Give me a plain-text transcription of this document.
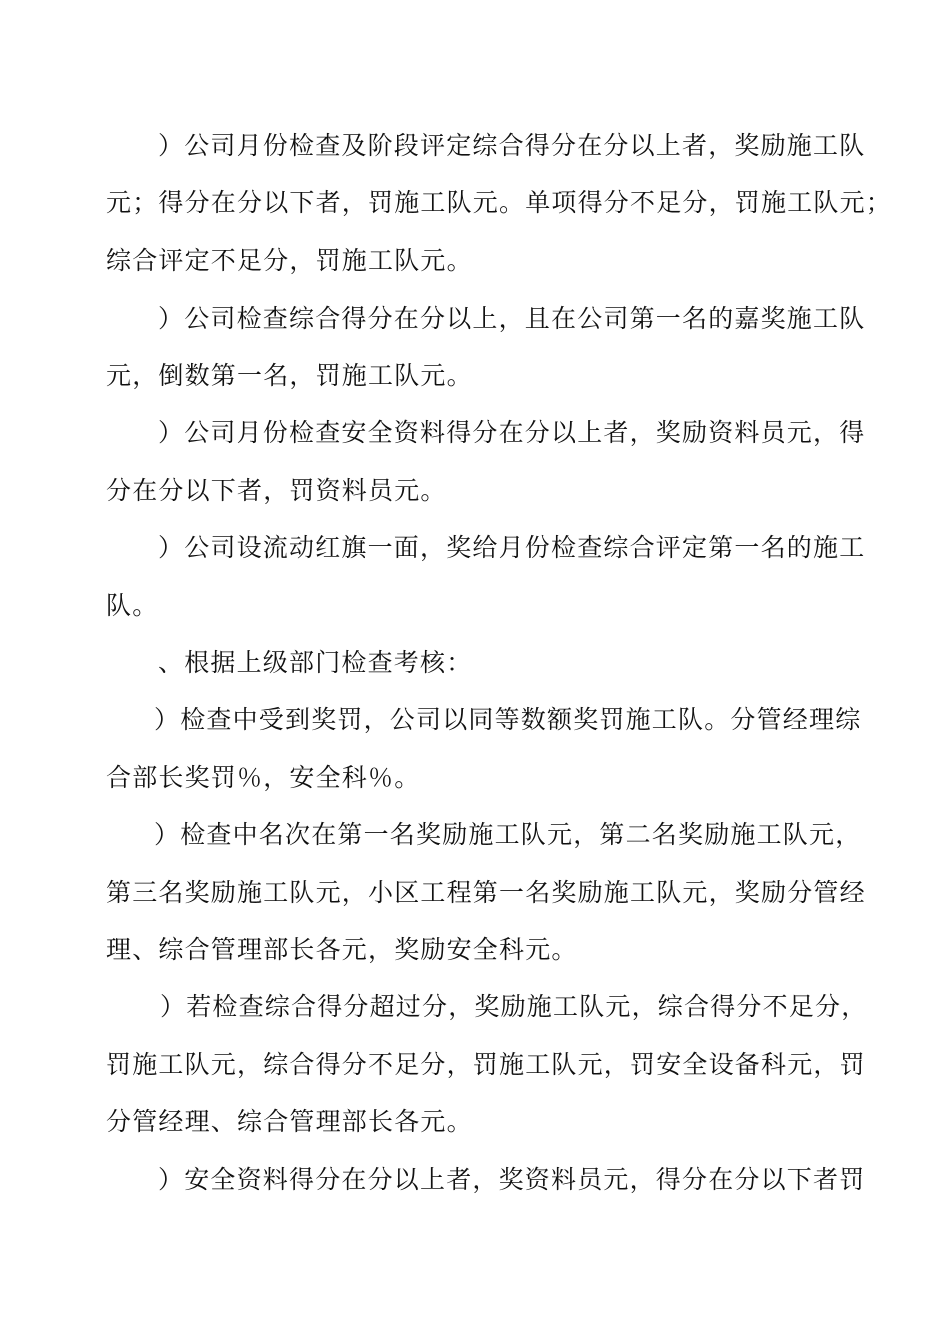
）公司月份检查及阶段评定综合得分在分以上者，奖励施工队
元；得分在分以下者，罚施工队元。单项得分不足分，罚施工队元；
综合评定不足分，罚施工队元。
）公司检查综合得分在分以上，且在公司第一名的嘉奖施工队
元，倒数第一名，罚施工队元。
）公司月份检查安全资料得分在分以上者，奖励资料员元，得
分在分以下者，罚资料员元。
）公司设流动红旗一面，奖给月份检查综合评定第一名的施工
队。
、根据上级部门检查考核：
）检查中受到奖罚，公司以同等数额奖罚施工队。分管经理综
合部长奖罚％，安全科％。
）检查中名次在第一名奖励施工队元，第二名奖励施工队元，
第三名奖励施工队元，小区工程第一名奖励施工队元，奖励分管经
理、综合管理部长各元，奖励安全科元。
）若检查综合得分超过分，奖励施工队元，综合得分不足分，
罚施工队元，综合得分不足分，罚施工队元，罚安全设备科元，罚
分管经理、综合管理部长各元。
）安全资料得分在分以上者，奖资料员元，得分在分以下者罚
